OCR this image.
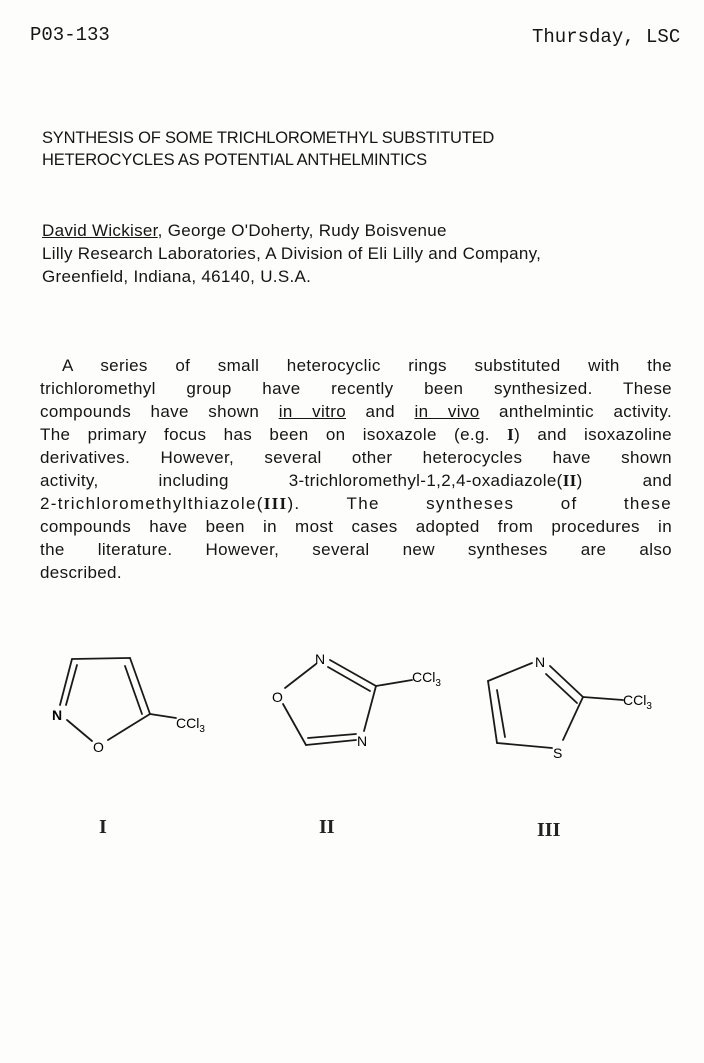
P03-133	Thursday, LSC
SYNTHESIS OF SOME TRICHLOROMETHYL SUBSTITUTED
HETEROCYCLES AS POTENTIAL ANTHELMINTICS
David Wickiser, George O'Doherty, Rudy Boisvenue
Lilly Research Laboratories, A Division of Eli Lilly and Company,
Greenfield, Indiana, 46140, U.S.A.
A series of small heterocyclic rings substituted with the
trichloromethyl group have recently been synthesized. These
compounds have shown in vitro and in vivo anthelmintic activity.
The primary focus has been on isoxazole (e.g. I) and isoxazoline
derivatives. However, several other heterocycles have shown
activity, including 3-trichloromethyl-1,2,4-oxadiazole(II) and
2-trichloromethylthiazole(III). The syntheses of these
compounds have been in most cases adopted from procedures in
the literature. However, several new syntheses are also
described.
N
O
CCl$_3$
N
O
N
CCl$_3$
N
S
CCl$_3$
I	II	III
